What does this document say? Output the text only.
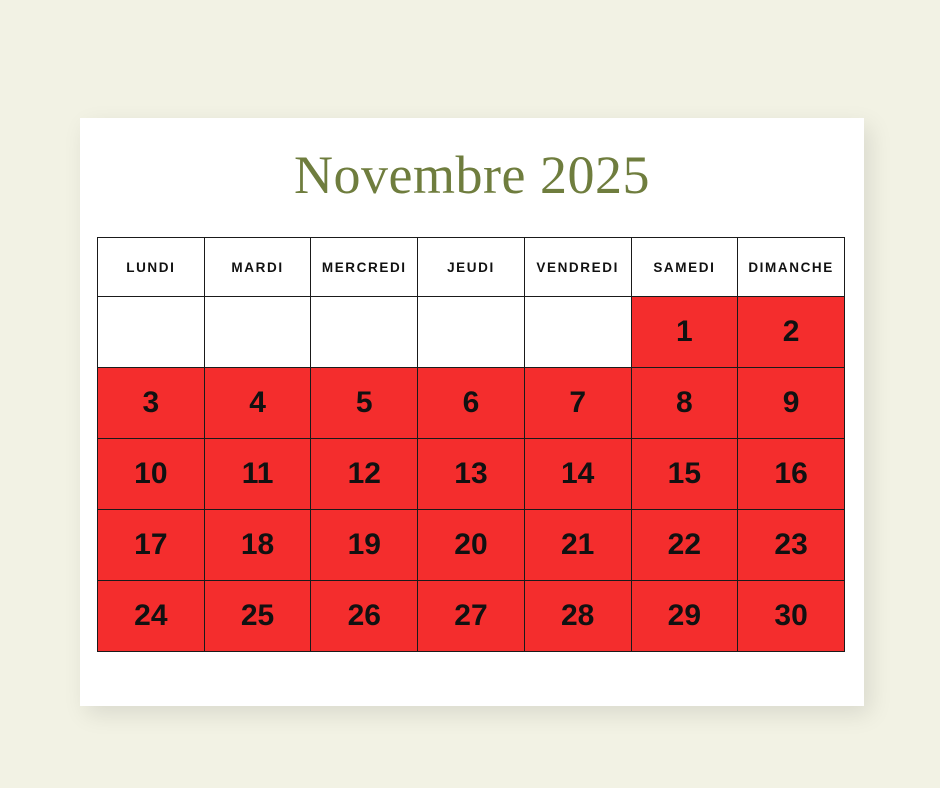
Novembre 2025
LUNDI	MARDI	MERCREDI	JEUDI	VENDREDI	SAMEDI	DIMANCHE
					1	2
3	4	5	6	7	8	9
10	11	12	13	14	15	16
17	18	19	20	21	22	23
24	25	26	27	28	29	30
